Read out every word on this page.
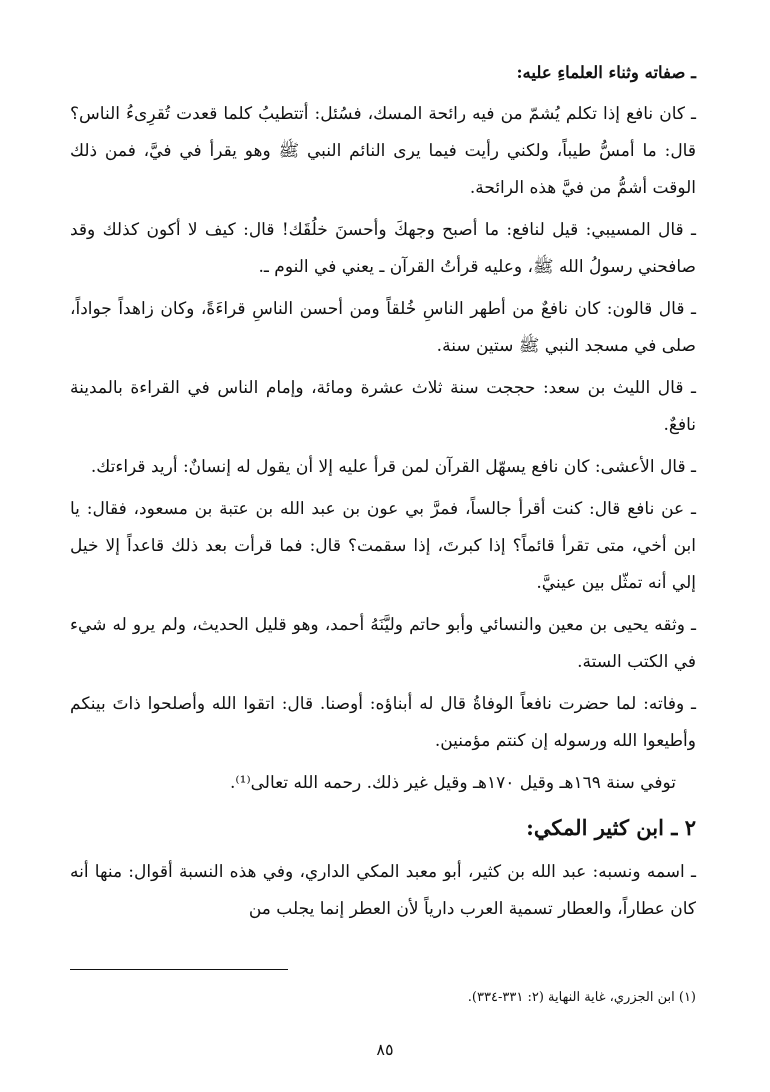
ـ صفاته وثناء العلماءِ عليه:

ـ كان نافع إذا تكلم يُشمّ من فيه رائحة المسك، فسُئل: أتتطيبُ كلما قعدت تُقرِىءُ الناس؟ قال: ما أمسُّ طيباً، ولكني رأيت فيما يرى النائم النبي ﷺ وهو يقرأ في فيَّ، فمن ذلك الوقت أشمُّ من فيَّ هذه الرائحة.

ـ قال المسيبي: قيل لنافع: ما أصبح وجهكَ وأحسنَ خلُقَك! قال: كيف لا أكون كذلك وقد صافحني رسولُ الله ﷺ، وعليه قرأتُ القرآن ـ يعني في النوم ـ.

ـ قال قالون: كان نافعٌ من أطهر الناسِ خُلقاً ومن أحسن الناسِ قراءَةً، وكان زاهداً جواداً، صلى في مسجد النبي ﷺ ستين سنة.

ـ قال الليث بن سعد: حججت سنة ثلاث عشرة ومائة، وإمام الناس في القراءة بالمدينة نافعٌ.

ـ قال الأعشى: كان نافع يسهّل القرآن لمن قرأ عليه إلا أن يقول له إنسانٌ: أريد قراءتك.

ـ عن نافع قال: كنت أقرأ جالساً، فمرَّ بي عون بن عبد الله بن عتبة بن مسعود، فقال: يا ابن أخي، متى تقرأ قائماً؟ إذا كبرتَ، إذا سقمت؟ قال: فما قرأت بعد ذلك قاعداً إلا خيل إلي أنه تمثّل بين عينيَّ.

ـ وثقه يحيى بن معين والنسائي وأبو حاتم وليَّنَهُ أحمد، وهو قليل الحديث، ولم يرو له شيء في الكتب الستة.

ـ وفاته: لما حضرت نافعاً الوفاةُ قال له أبناؤه: أوصنا. قال: اتقوا الله وأصلحوا ذاتَ بينكم وأطيعوا الله ورسوله إن كنتم مؤمنين.

توفي سنة ١٦٩هـ وقيل ١٧٠هـ وقيل غير ذلك. رحمه الله تعالى⁽¹⁾.

٢ ـ ابن كثير المكي:

ـ اسمه ونسبه: عبد الله بن كثير، أبو معبد المكي الداري، وفي هذه النسبة أقوال: منها أنه كان عطاراً، والعطار تسمية العرب دارياً لأن العطر إنما يجلب من

(١) ابن الجزري، غاية النهاية (٢: ٣٣١-٣٣٤).
٨٥
